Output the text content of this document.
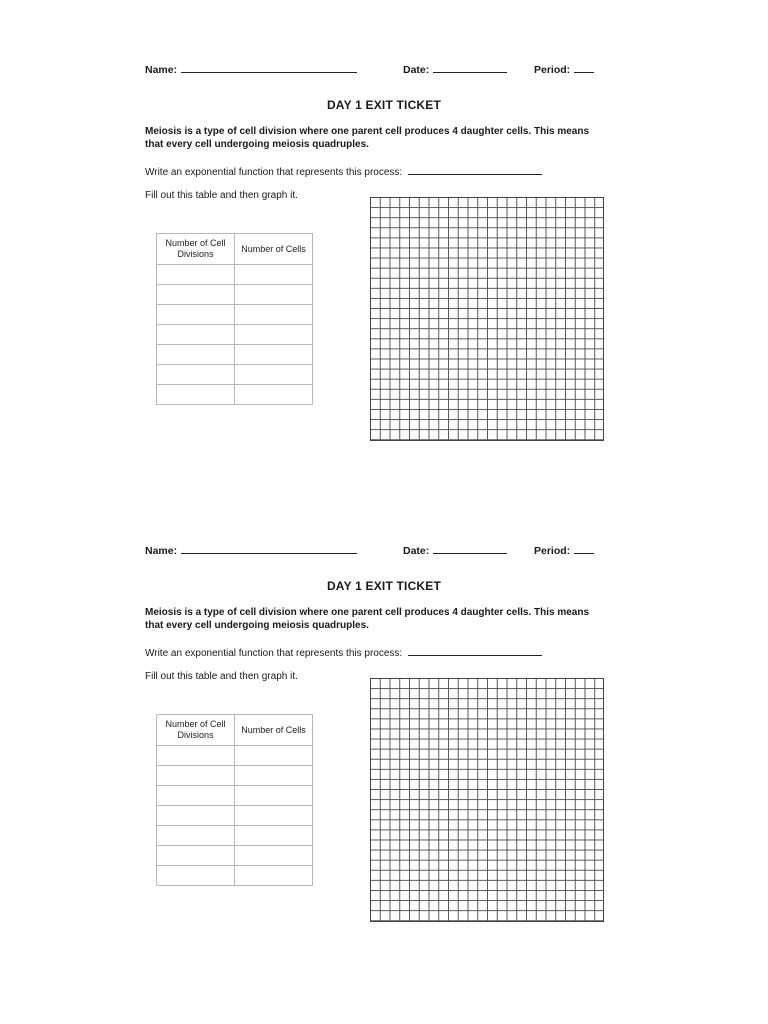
Name:	Date:	Period:
DAY 1 EXIT TICKET
Meiosis is a type of cell division where one parent cell produces 4 daughter cells. This means that every cell undergoing meiosis quadruples.
Write an exponential function that represents this process:
Fill out this table and then graph it.
Number of Cell Divisions	Number of Cells

Name:	Date:	Period:
DAY 1 EXIT TICKET
Meiosis is a type of cell division where one parent cell produces 4 daughter cells. This means that every cell undergoing meiosis quadruples.
Write an exponential function that represents this process:
Fill out this table and then graph it.
Number of Cell Divisions	Number of Cells
